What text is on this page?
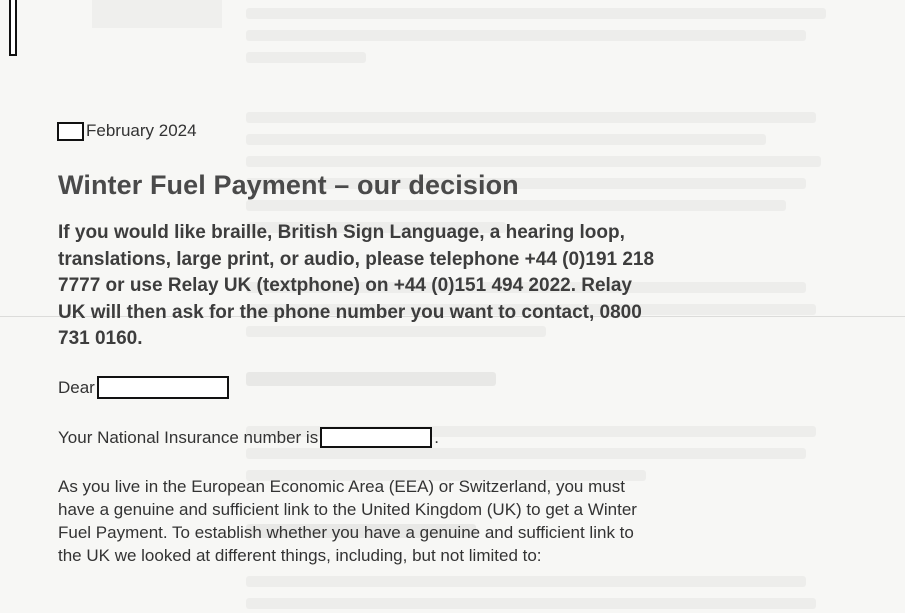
February 2024
Winter Fuel Payment – our decision

If you would like braille, British Sign Language, a hearing loop, translations, large print, or audio, please telephone +44 (0)191 218 7777 or use Relay UK (textphone) on +44 (0)151 494 2022. Relay UK will then ask for the phone number you want to contact, 0800 731 0160.

Dear
Your National Insurance number is	.

As you live in the European Economic Area (EEA) or Switzerland, you must have a genuine and sufficient link to the United Kingdom (UK) to get a Winter Fuel Payment. To establish whether you have a genuine and sufficient link to the UK we looked at different things, including, but not limited to:
